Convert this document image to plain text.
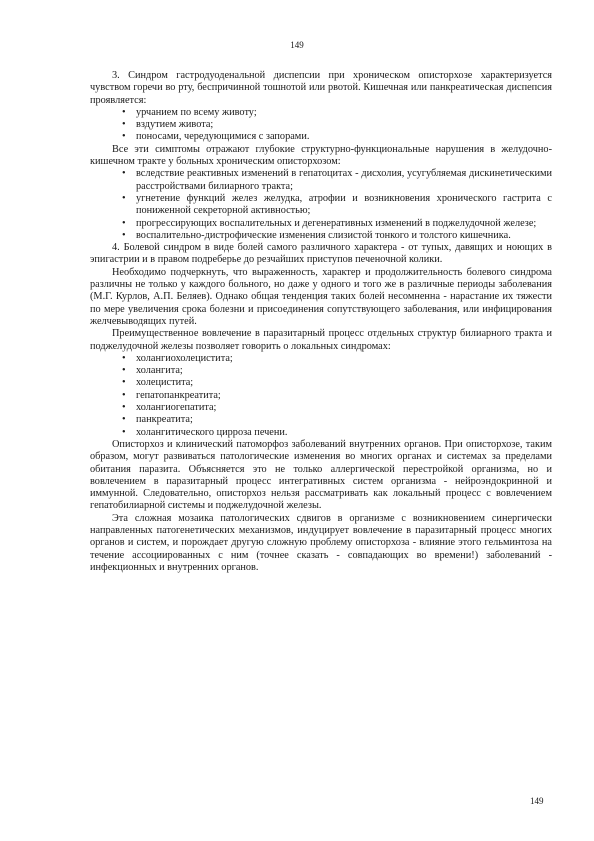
149

3. Синдром гастродуоденальной диспепсии при хроническом описторхозе характеризуется чувством горечи во рту, беспричинной тошнотой или рвотой. Кишечная или панкреатическая диспепсия проявляется:

• урчанием по всему животу;
• вздутием живота;
• поносами, чередующимися с запорами.

Все эти симптомы отражают глубокие структурно-функциональные нарушения в желудочно-кишечном тракте у больных хроническим описторхозом:

• вследствие реактивных изменений в гепатоцитах - дисхолия, усугубляемая дискинетическими расстройствами билиарного тракта;
• угнетение функций желез желудка, атрофии и возникновения хронического гастрита с пониженной секреторной активностью;
• прогрессирующих воспалительных и дегенеративных изменений в поджелудочной железе;
• воспалительно-дистрофические изменения слизистой тонкого и толстого кишечника.

4. Болевой синдром в виде болей самого различного характера - от тупых, давящих и ноющих в эпигастрии и в правом подреберье до резчайших приступов печеночной колики.

Необходимо подчеркнуть, что выраженность, характер и продолжительность болевого синдрома различны не только у каждого больного, но даже у одного и того же в различные периоды заболевания (М.Г. Курлов, А.П. Беляев). Однако общая тенденция таких болей несомненна - нарастание их тяжести по мере увеличения срока болезни и присоединения сопутствующего заболевания, или инфицирования желчевыводящих путей.

Преимущественное вовлечение в паразитарный процесс отдельных структур билиарного тракта и поджелудочной железы позволяет говорить о локальных синдромах:

• холангиохолецистита;
• холангита;
• холецистита;
• гепатопанкреатита;
• холангиогепатита;
• панкреатита;
• холангитического цирроза печени.

Описторхоз и клинический патоморфоз заболеваний внутренних органов. При описторхозе, таким образом, могут развиваться патологические изменения во многих органах и системах за пределами обитания паразита. Объясняется это не только аллергической перестройкой организма, но и вовлечением в паразитарный процесс интегративных систем организма - нейроэндокринной и иммунной. Следовательно, описторхоз нельзя рассматривать как локальный процесс с вовлечением гепатобилиарной системы и поджелудочной железы.

Эта сложная мозаика патологических сдвигов в организме с возникновением синергически направленных патогенетических механизмов, индуцирует вовлечение в паразитарный процесс многих органов и систем, и порождает другую сложную проблему описторхоза - влияние этого гельминтоза на течение ассоциированных с ним (точнее сказать - совпадающих во времени!) заболеваний - инфекционных и внутренних органов.

149
